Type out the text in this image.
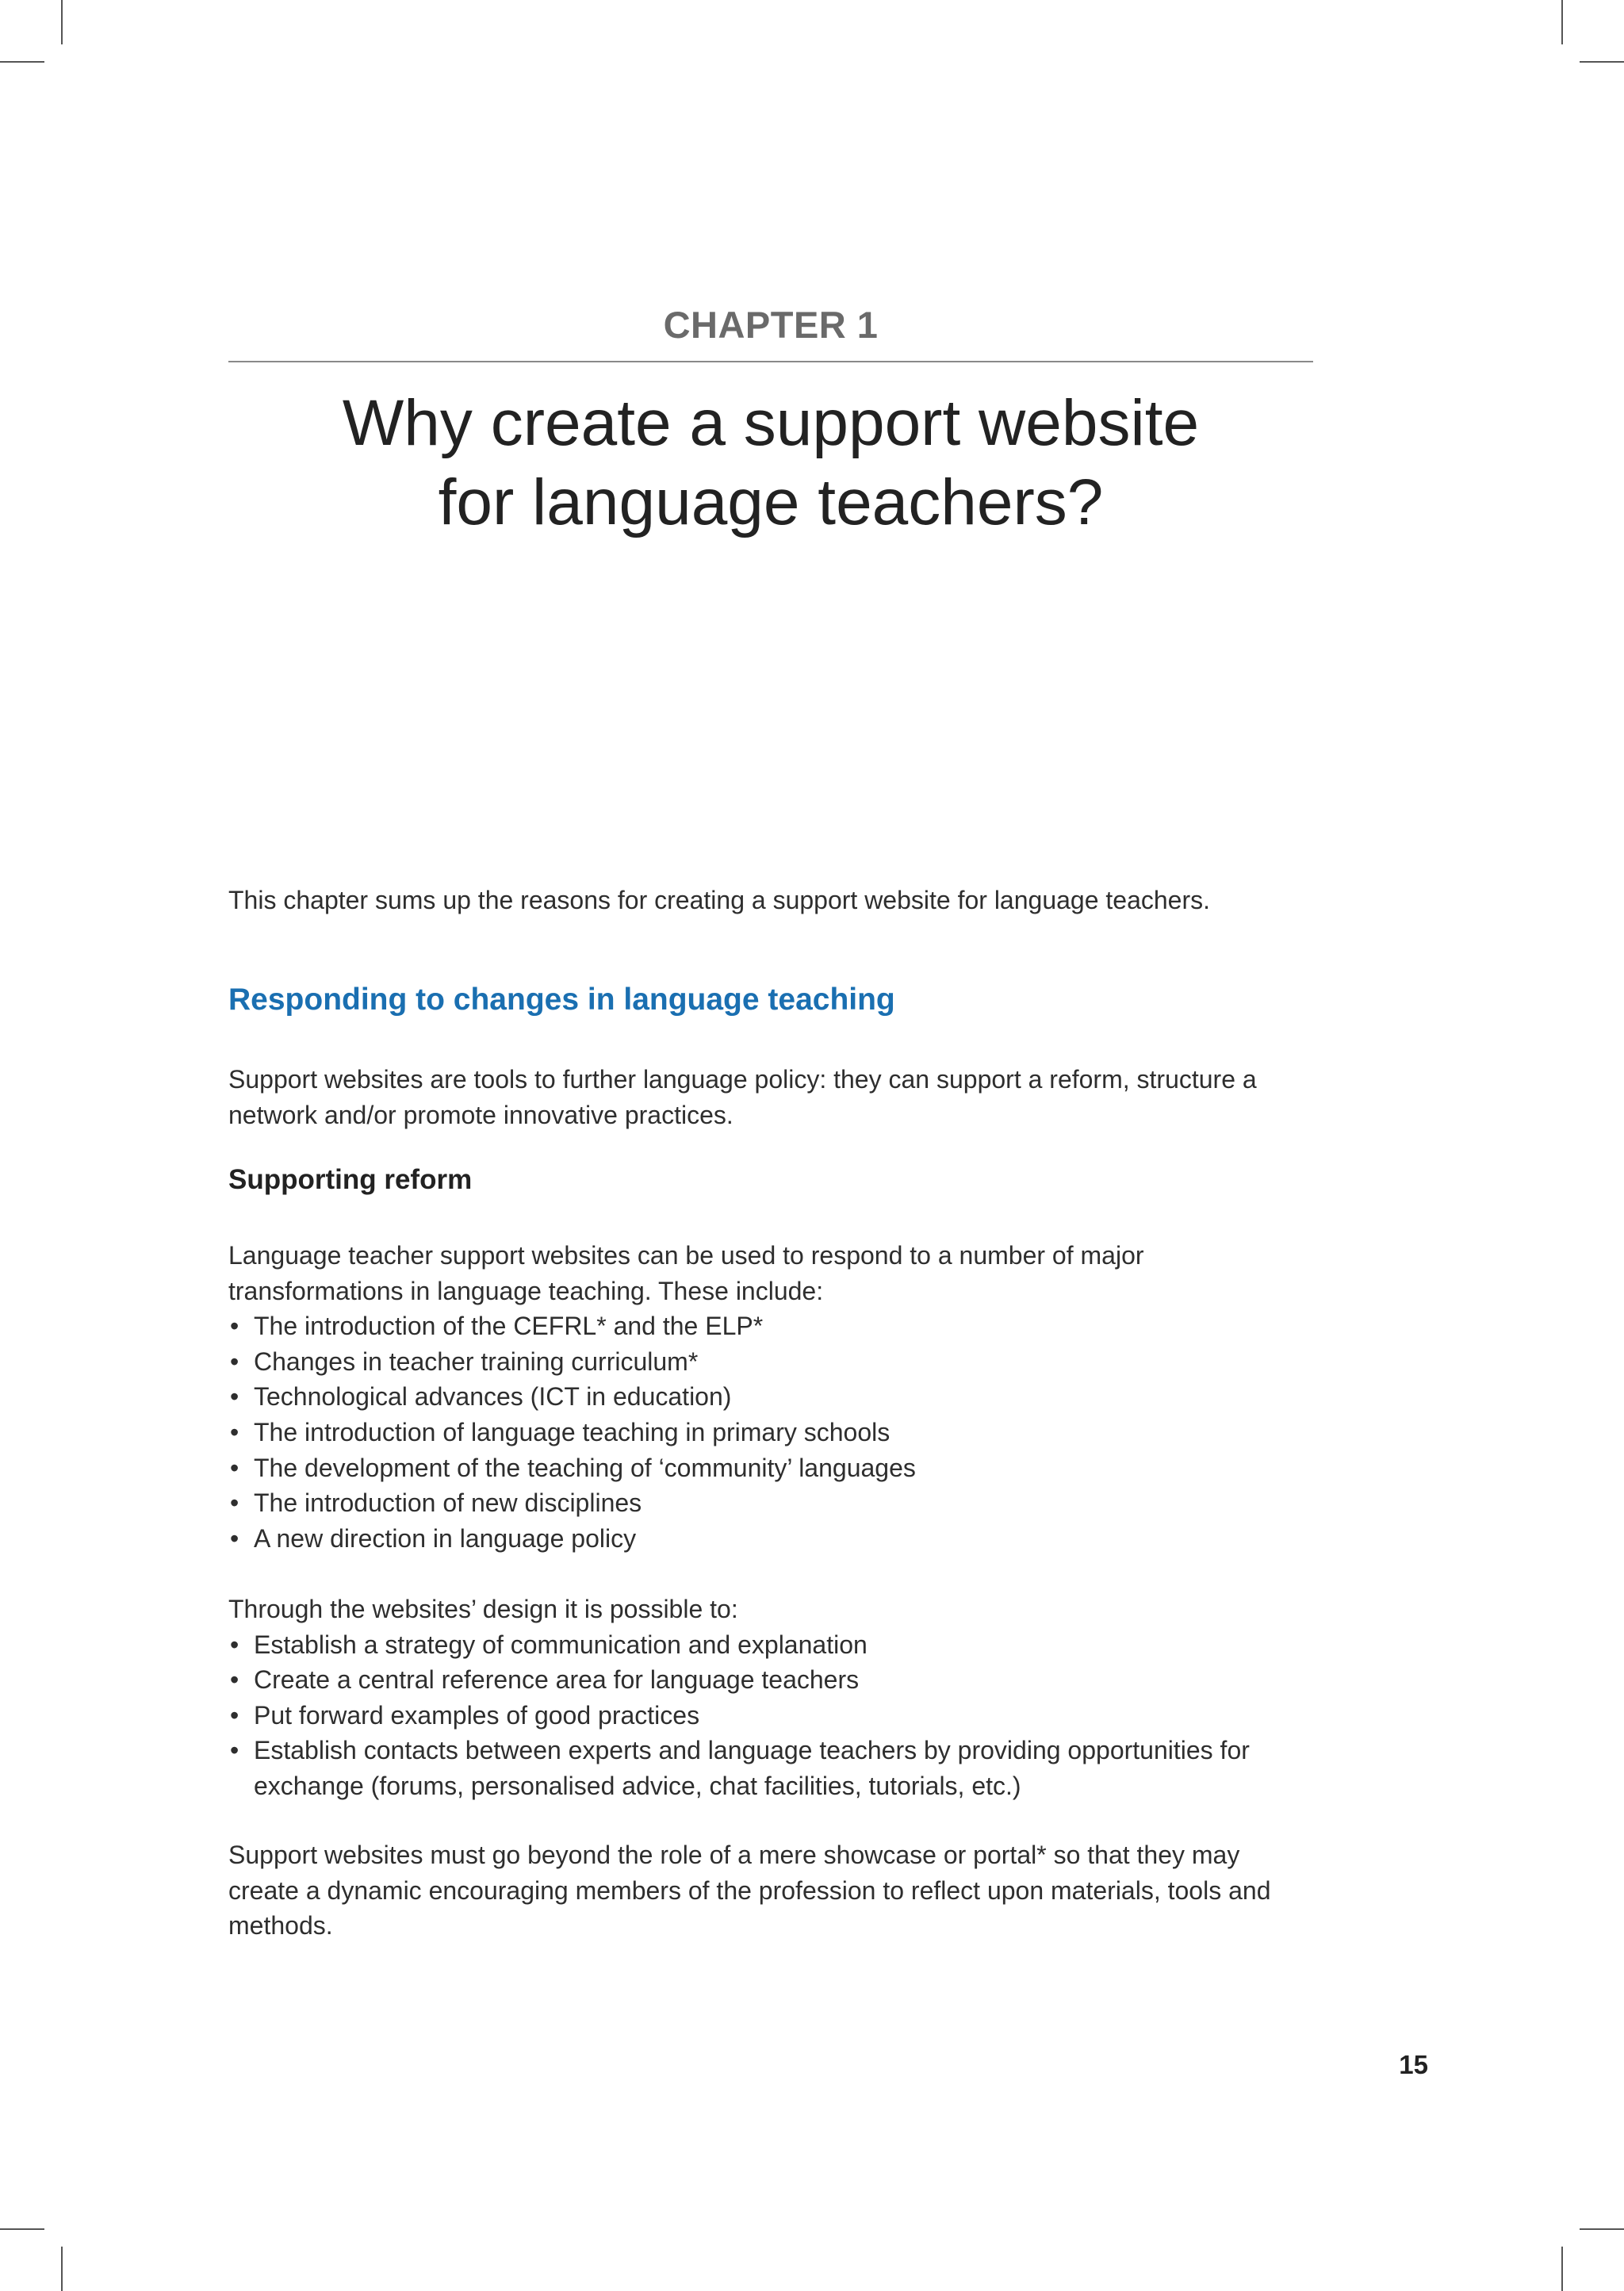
CHAPTER 1
Why create a support website
for language teachers?

This chapter sums up the reasons for creating a support website for language teachers.

Responding to changes in language teaching

Support websites are tools to further language policy: they can support a reform, structure a network and/or promote innovative practices.

Supporting reform

Language teacher support websites can be used to respond to a number of major transformations in language teaching. These include:

• The introduction of the CEFRL* and the ELP*
• Changes in teacher training curriculum*
• Technological advances (ICT in education)
• The introduction of language teaching in primary schools
• The development of the teaching of ‘community’ languages
• The introduction of new disciplines
• A new direction in language policy

Through the websites’ design it is possible to:

• Establish a strategy of communication and explanation
• Create a central reference area for language teachers
• Put forward examples of good practices
• Establish contacts between experts and language teachers by providing opportunities for exchange (forums, personalised advice, chat facilities, tutorials, etc.)

Support websites must go beyond the role of a mere showcase or portal* so that they may create a dynamic encouraging members of the profession to reflect upon materials, tools and methods.

15
